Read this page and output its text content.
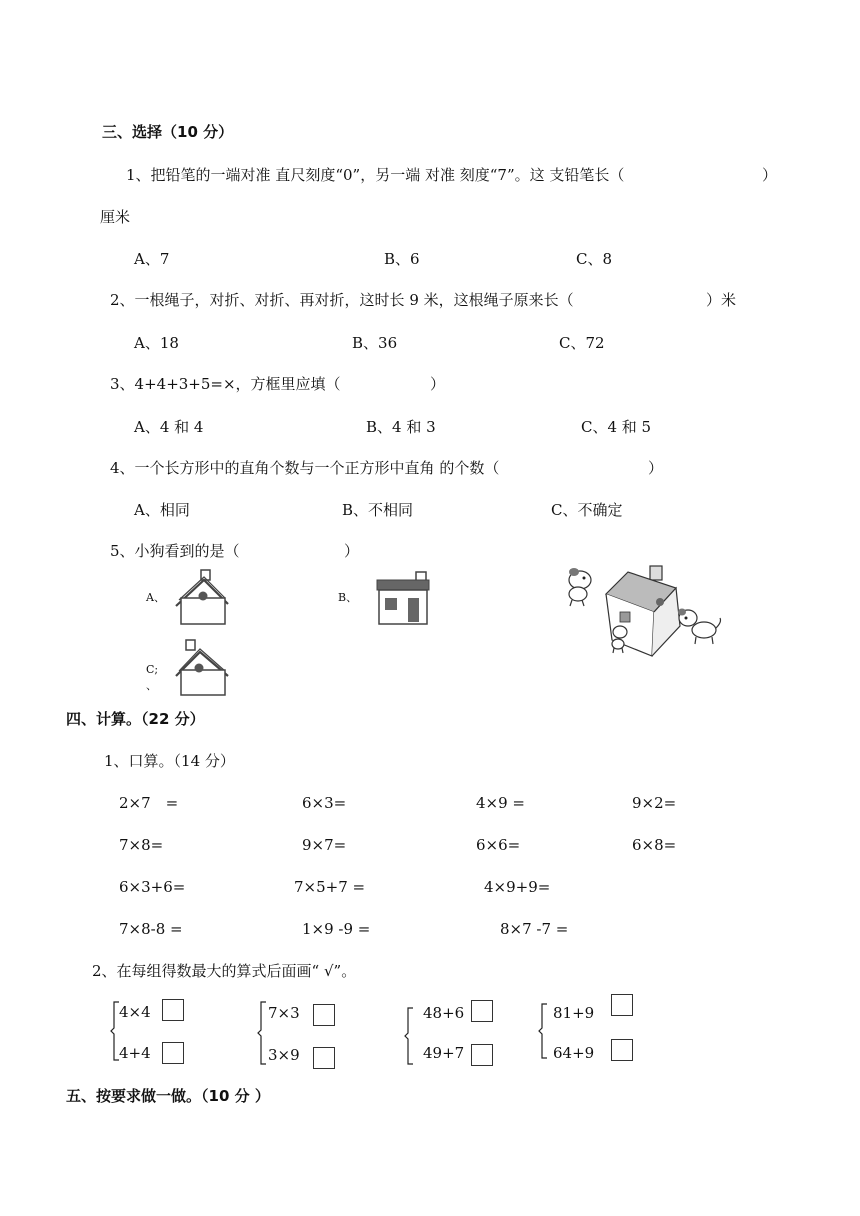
三、选择（10 分）
1、把铅笔的一端对准 直尺刻度“0”，另一端 对准 刻度“7”。这 支铅笔长（	）
厘米
A、7	B、6	C、8
2、一根绳子，对折、对折、再对折，这时长 9 米，这根绳子原来长（	）米
A、18	B、36	C、72
3、4+4+3+5=×，方框里应填（	）
A、4 和 4	B、4 和 3	C、4 和 5
4、一个长方形中的直角个数与一个正方形中直角 的个数（	）
A、相同	B、不相同	C、不确定
5、小狗看到的是（	）
A、	B、
C;
、
四、计算。（22 分）
1、口算。（14 分）
2×7　=	6×3=	4×9 =	9×2=
7×8=	9×7=	6×6=	6×8=
6×3+6=	7×5+7 =	4×9+9=
7×8-8 =	1×9 -9 =	8×7 -7 =
2、在每组得数最大的算式后面画“ √”。
4×4
4+4
7×3
3×9
48+6
49+7
81+9
64+9
五、按要求做一做。（10 分 ）
